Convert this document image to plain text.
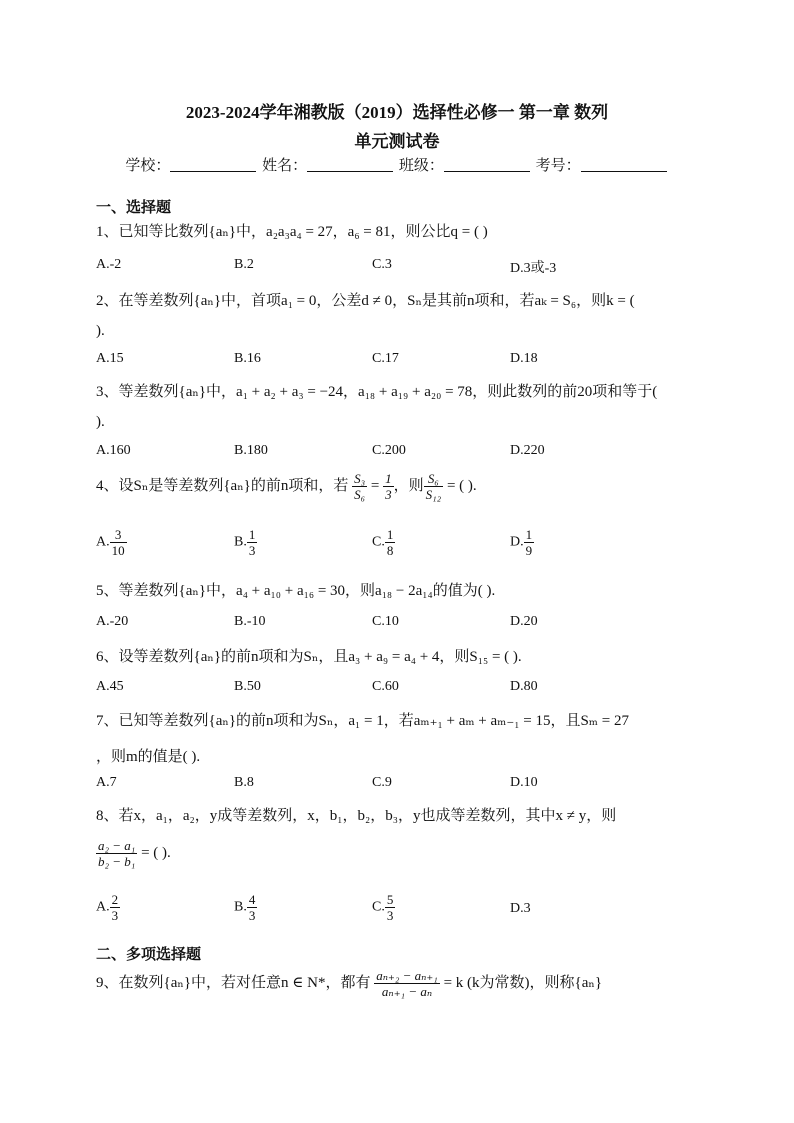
2023-2024学年湘教版（2019）选择性必修一 第一章 数列
单元测试卷
学校：	姓名：	班级：	考号：
一、选择题
1、已知等比数列{aₙ}中，a₂a₃a₄ = 27，a₆ = 81，则公比q = ( )
A.-2	B.2	C.3	D.3或-3
2、在等差数列{aₙ}中，首项a₁ = 0，公差d ≠ 0，Sₙ是其前n项和，若aₖ = S₆，则k = (
).
A.15	B.16	C.17	D.18
3、等差数列{aₙ}中，a₁ + a₂ + a₃ = −24，a₁₈ + a₁₉ + a₂₀ = 78，则此数列的前20项和等于(
).
A.160	B.180	C.200	D.220
4、设Sₙ是等差数列{aₙ}的前n项和，若 $\frac{\text{S₃}}{\text{S₆}} = \frac{1}{3}$ ，则 $\frac{\text{S₆}}{\text{S₁₂}}$ = ( ).
A. $\frac{3}{10}$	B. $\frac{1}{3}$	C. $\frac{1}{8}$	D. $\frac{1}{9}$
5、等差数列{aₙ}中，a₄ + a₁₀ + a₁₆ = 30，则a₁₈ − 2a₁₄的值为( ).
A.-20	B.-10	C.10	D.20
6、设等差数列{aₙ}的前n项和为Sₙ，且a₃ + a₉ = a₄ + 4，则S₁₅ = ( ).
A.45	B.50	C.60	D.80
7、已知等差数列{aₙ}的前n项和为Sₙ，a₁ = 1，若aₘ₊₁ + aₘ + aₘ₋₁ = 15，且Sₘ = 27
，则m的值是( ).
A.7	B.8	C.9	D.10
8、若x，a₁，a₂，y成等差数列，x，b₁，b₂，b₃，y也成等差数列，其中x ≠ y，则
$\frac{\text{a₂ − a₁}}{\text{b₂ − b₁}}$ = ( ).
A. $\frac{2}{3}$	B. $\frac{4}{3}$	C. $\frac{5}{3}$	D.3
二、多项选择题
9、在数列{aₙ}中，若对任意n ∈ N*，都有 $\frac{\text{aₙ₊₂ − aₙ₊₁}}{\text{aₙ₊₁ − aₙ}} = k$ (k为常数)，则称{aₙ}
